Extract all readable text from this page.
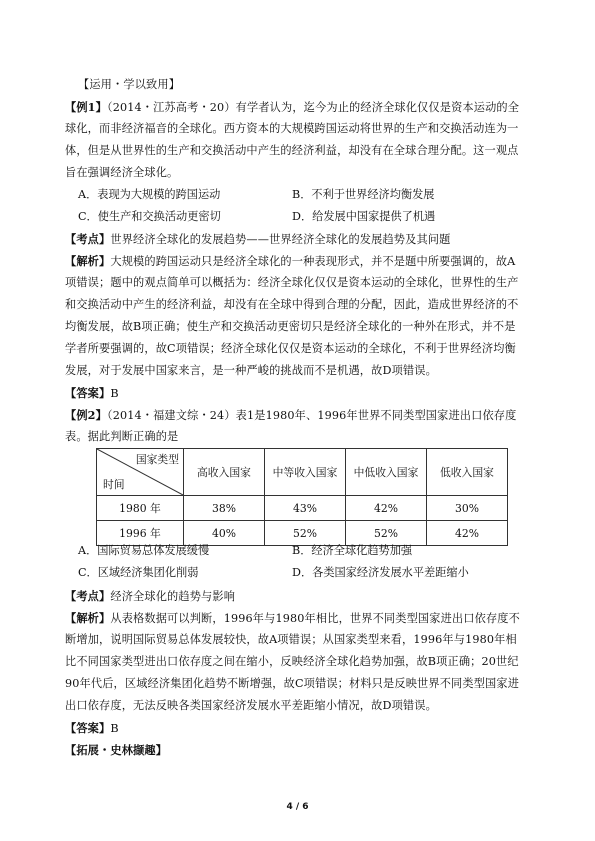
【运用・学以致用】
【例1】（2014・江苏高考・20）有学者认为，迄今为止的经济全球化仅仅是资本运动的全
球化，而非经济福音的全球化。西方资本的大规模跨国运动将世界的生产和交换活动连为一
体，但是从世界性的生产和交换活动中产生的经济利益，却没有在全球合理分配。这一观点
旨在强调经济全球化。
A．表现为大规模的跨国运动	B．不利于世界经济均衡发展
C．使生产和交换活动更密切	D．给发展中国家提供了机遇
【考点】世界经济全球化的发展趋势——世界经济全球化的发展趋势及其问题
【解析】大规模的跨国运动只是经济全球化的一种表现形式，并不是题中所要强调的，故A
项错误；题中的观点简单可以概括为：经济全球化仅仅是资本运动的全球化，世界性的生产
和交换活动中产生的经济利益，却没有在全球中得到合理的分配，因此，造成世界经济的不
均衡发展，故B项正确；使生产和交换活动更密切只是经济全球化的一种外在形式，并不是
学者所要强调的，故C项错误；经济全球化仅仅是资本运动的全球化，不利于世界经济均衡
发展，对于发展中国家来言，是一种严峻的挑战而不是机遇，故D项错误。
【答案】B
【例2】（2014・福建文综・24）表1是1980年、1996年世界不同类型国家进出口依存度
表。据此判断正确的是
国家类型
时间	高收入国家	中等收入国家	中低收入国家	低收入国家
1980 年	38%	43%	42%	30%
1996 年	40%	52%	52%	42%
A．国际贸易总体发展缓慢	B．经济全球化趋势加强
C．区域经济集团化削弱	D．各类国家经济发展水平差距缩小
【考点】经济全球化的趋势与影响
【解析】从表格数据可以判断，1996年与1980年相比，世界不同类型国家进出口依存度不
断增加，说明国际贸易总体发展较快，故A项错误；从国家类型来看，1996年与1980年相
比不同国家类型进出口依存度之间在缩小，反映经济全球化趋势加强，故B项正确；20世纪
90年代后，区域经济集团化趋势不断增强，故C项错误；材料只是反映世界不同类型国家进
出口依存度，无法反映各类国家经济发展水平差距缩小情况，故D项错误。
【答案】B
【拓展・史林撷趣】
4 / 6
